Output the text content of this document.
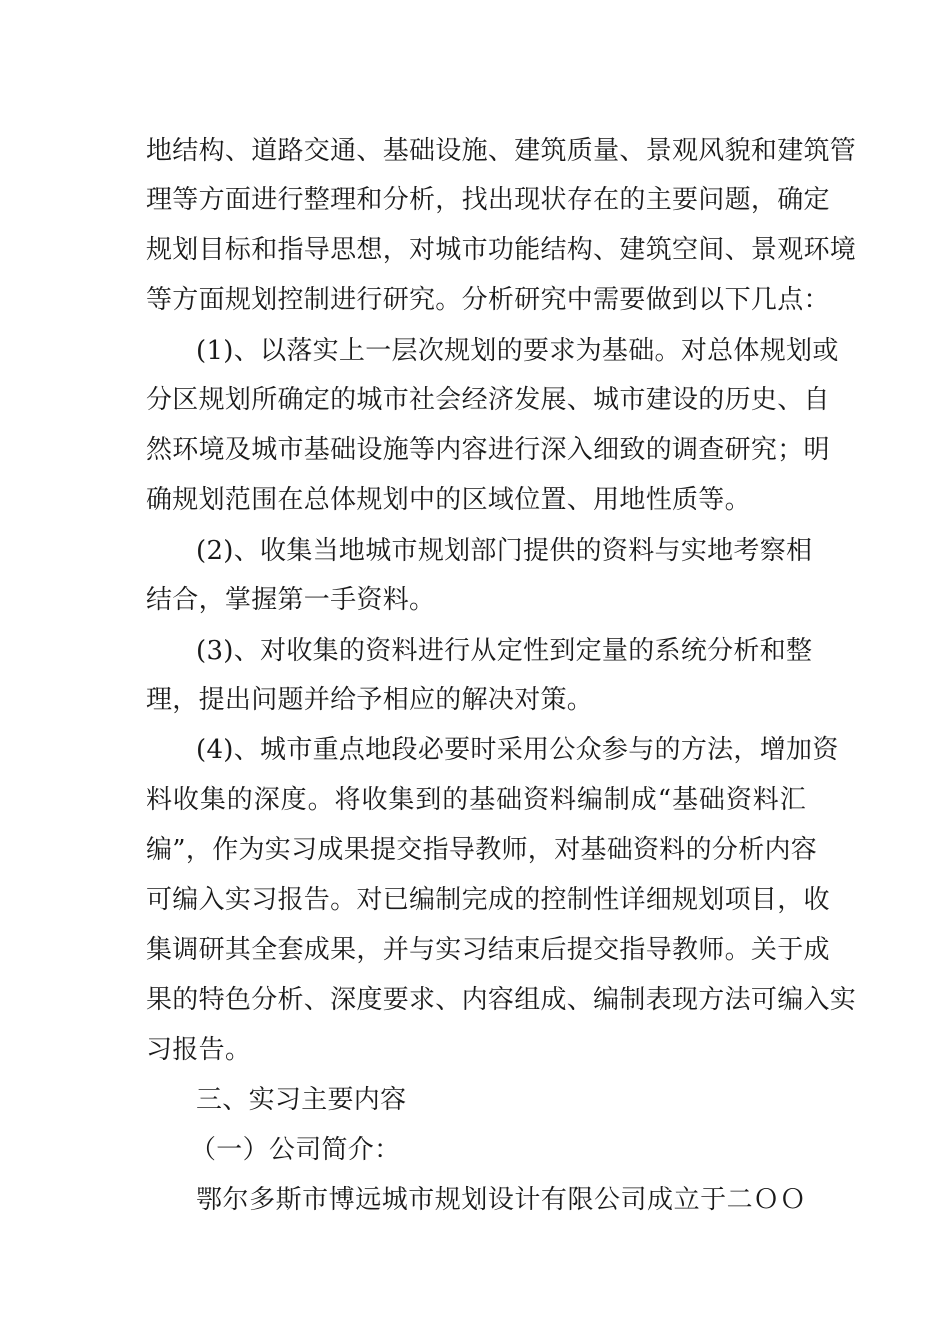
地结构、道路交通、基础设施、建筑质量、景观风貌和建筑管
理等方面进行整理和分析，找出现状存在的主要问题，确定
规划目标和指导思想，对城市功能结构、建筑空间、景观环境
等方面规划控制进行研究。分析研究中需要做到以下几点：
(1)、以落实上一层次规划的要求为基础。对总体规划或
分区规划所确定的城市社会经济发展、城市建设的历史、自
然环境及城市基础设施等内容进行深入细致的调查研究；明
确规划范围在总体规划中的区域位置、用地性质等。
(2)、收集当地城市规划部门提供的资料与实地考察相
结合，掌握第一手资料。
(3)、对收集的资料进行从定性到定量的系统分析和整
理，提出问题并给予相应的解决对策。
(4)、城市重点地段必要时采用公众参与的方法，增加资
料收集的深度。将收集到的基础资料编制成“基础资料汇
编”，作为实习成果提交指导教师，对基础资料的分析内容
可编入实习报告。对已编制完成的控制性详细规划项目，收
集调研其全套成果，并与实习结束后提交指导教师。关于成
果的特色分析、深度要求、内容组成、编制表现方法可编入实
习报告。
三、实习主要内容
（一）公司简介：
鄂尔多斯市博远城市规划设计有限公司成立于二ＯＯ
